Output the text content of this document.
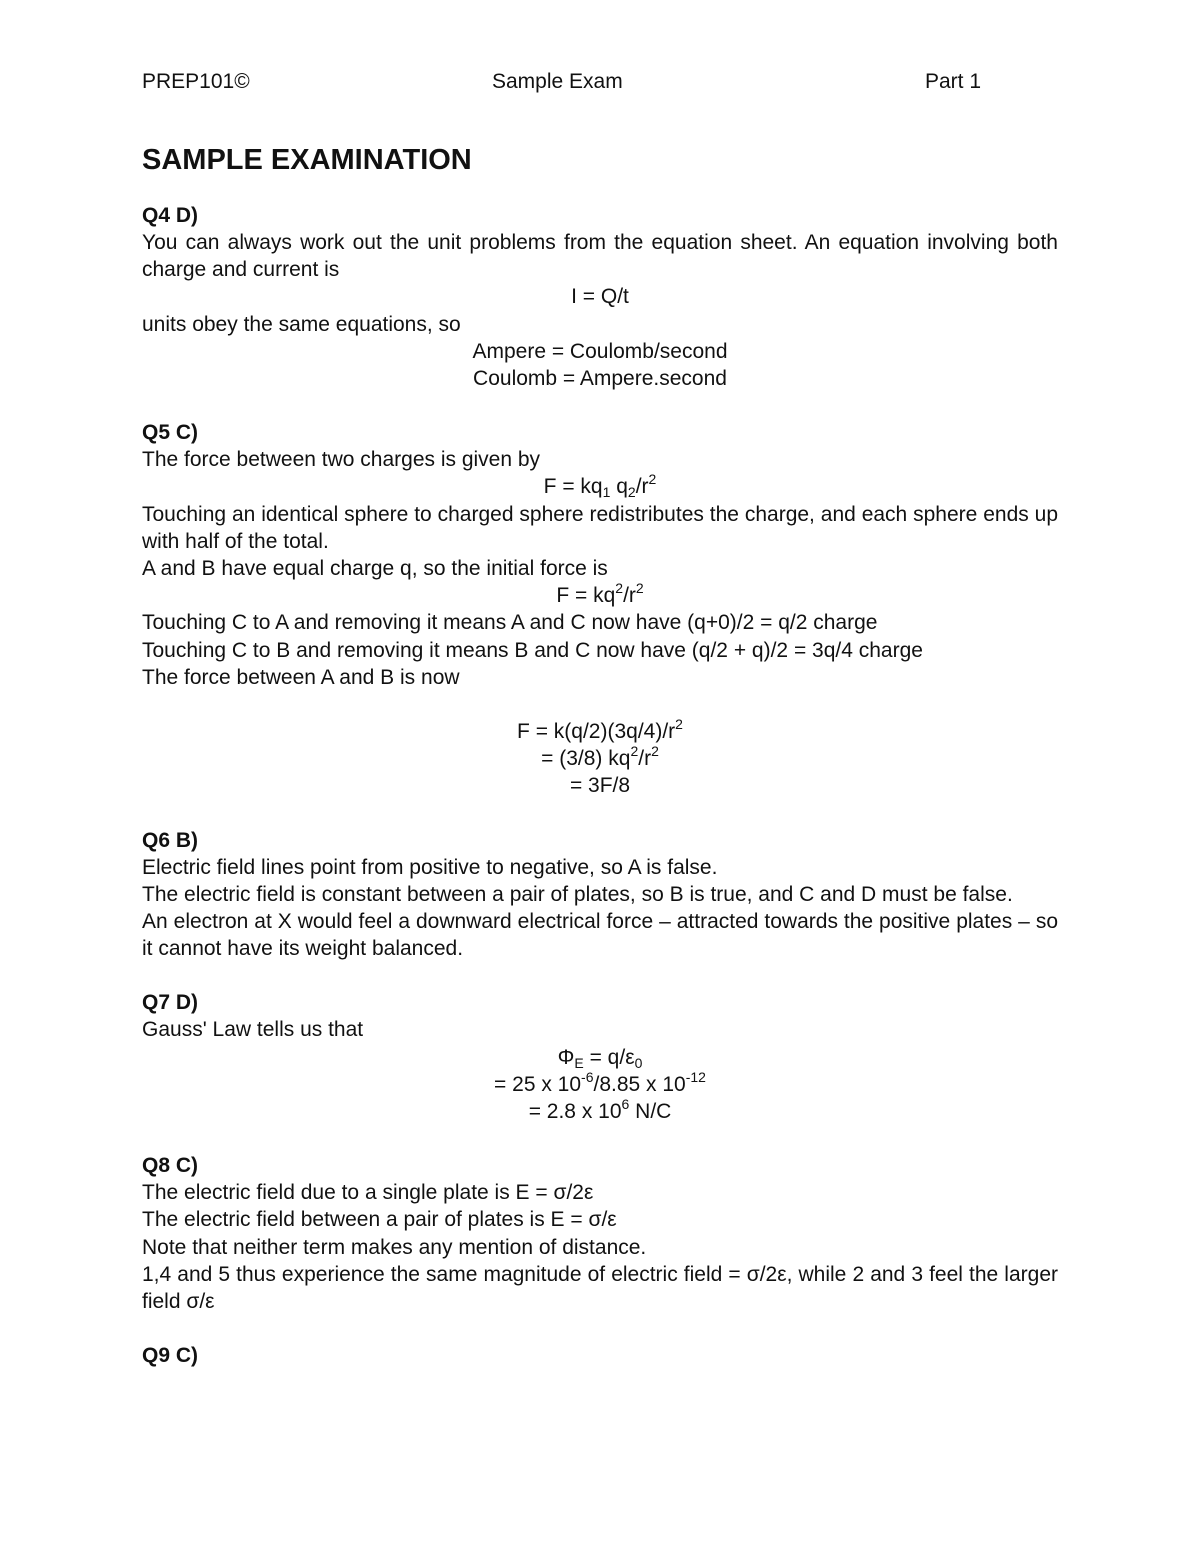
PREP101©	Sample Exam	Part 1
SAMPLE EXAMINATION
Q4 D)
You can always work out the unit problems from the equation sheet. An equation involving both charge and current is
I = Q/t
units obey the same equations, so
Ampere = Coulomb/second
Coulomb = Ampere.second
Q5 C)
The force between two charges is given by
$F = kq_1$ $q_2/r^2$
Touching an identical sphere to charged sphere redistributes the charge, and each sphere ends up with half of the total.
A and B have equal charge q, so the initial force is
$F = kq^2/r^2$
Touching C to A and removing it means A and C now have (q+0)/2 = q/2 charge
Touching C to B and removing it means B and C now have (q/2 + q)/2 = 3q/4 charge
The force between A and B is now
$F = k(q/2)(3q/4)/r^2$
= (3/8) $kq^2/r^2$
= 3F/8
Q6 B)
Electric field lines point from positive to negative, so A is false.
The electric field is constant between a pair of plates, so B is true, and C and D must be false.
An electron at X would feel a downward electrical force – attracted towards the positive plates – so it cannot have its weight balanced.
Q7 D)
Gauss' Law tells us that
$\Phi_E = q/\varepsilon_0$
= 25 x $10^{-6}/8.85$ x $10^{-12}$
= 2.8 x $10^6$ N/C
Q8 C)
The electric field due to a single plate is E = σ/2ε
The electric field between a pair of plates is E = σ/ε
Note that neither term makes any mention of distance.
1,4 and 5 thus experience the same magnitude of electric field = σ/2ε, while 2 and 3 feel the larger field σ/ε
Q9 C)
